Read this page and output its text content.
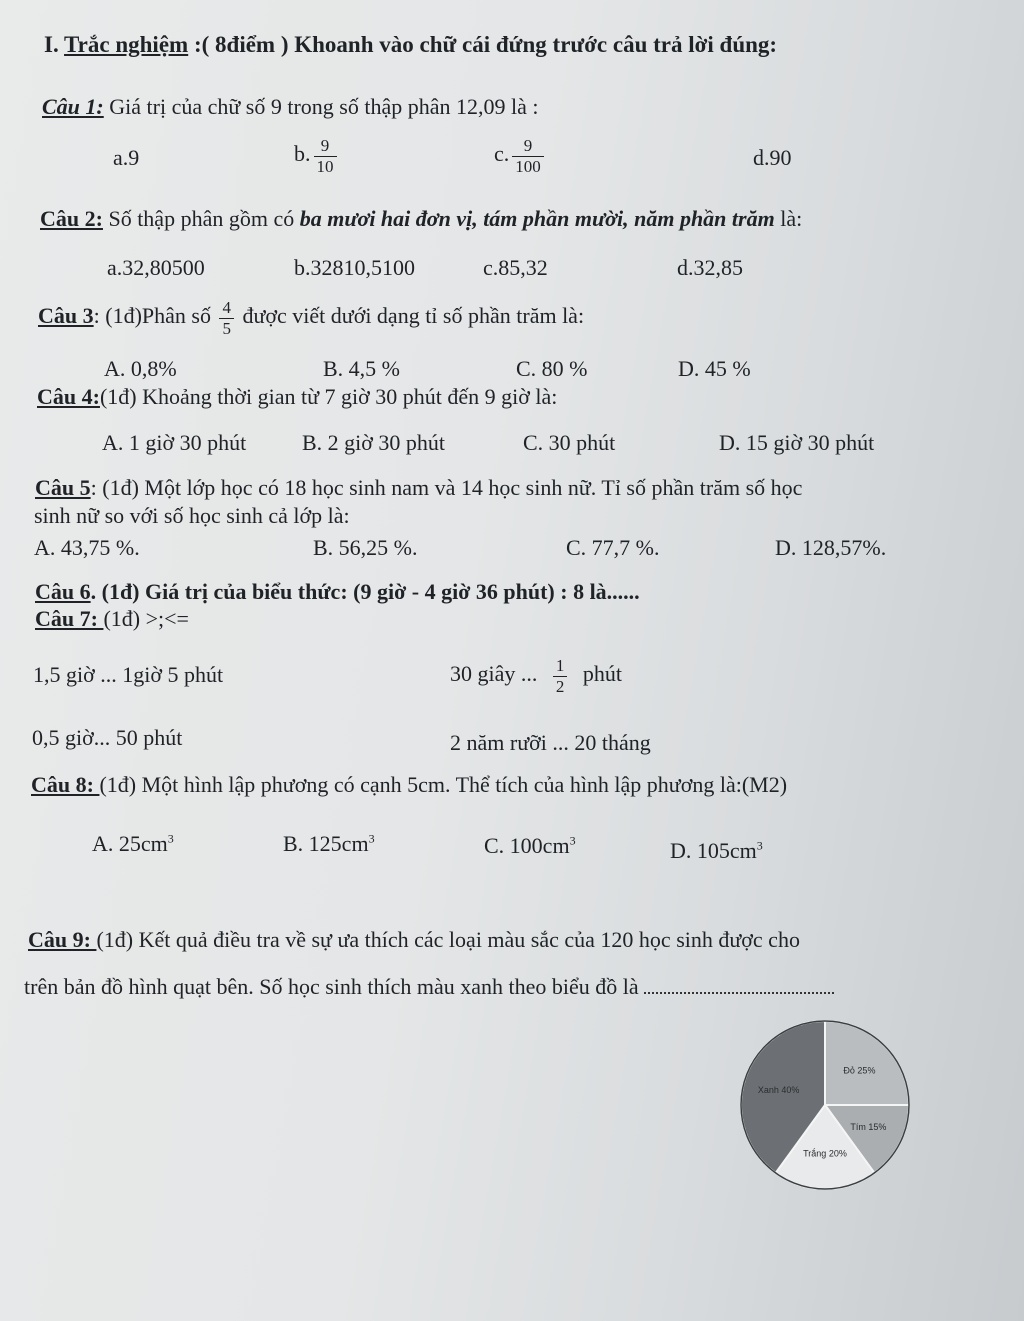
I. Trắc nghiệm :( 8điểm ) Khoanh vào chữ cái đứng trước câu trả lời đúng:
Câu 1: Giá trị của chữ số 9 trong số thập phân 12,09 là :
a.9	b. $\frac{9}{10}$	c. $\frac{9}{100}$	d.90
Câu 2: Số thập phân gồm có ba mươi hai đơn vị, tám phần mười, năm phần trăm là:
a.32,80500	b.32810,5100	c.85,32	d.32,85
Câu 3: (1đ)Phân số $\frac{4}{5}$ được viết dưới dạng tỉ số phần trăm là:
A. 0,8%	B. 4,5 %	C. 80 %	D. 45 %
Câu 4:(1đ) Khoảng thời gian từ 7 giờ 30 phút đến 9 giờ là:
A. 1 giờ 30 phút	B. 2 giờ 30 phút	C. 30 phút	D. 15 giờ 30 phút
Câu 5: (1đ) Một lớp học có 18 học sinh nam và 14 học sinh nữ. Tỉ số phần trăm số học
sinh nữ so với số học sinh cả lớp là:
A. 43,75 %.	B. 56,25 %.	C. 77,7 %.	D. 128,57%.
Câu 6. (1đ) Giá trị của biểu thức: (9 giờ - 4 giờ 36 phút) : 8 là......
Câu 7: (1đ) >;<=
1,5 giờ ... 1giờ 5 phút	30 giây ... $\frac{1}{2}$ phút
0,5 giờ... 50 phút	2 năm rưỡi ... 20 tháng
Câu 8: (1đ) Một hình lập phương có cạnh 5cm. Thể tích của hình lập phương là:(M2)
A. $25cm^3$	B. $125cm^3$	C. $100cm^3$	D. $105cm^3$
Câu 9: (1đ) Kết quả điều tra về sự ưa thích các loại màu sắc của 120 học sinh được cho
trên bản đồ hình quạt bên. Số học sinh thích màu xanh theo biểu đồ là
Đỏ 25%
Tím 15%
Trắng 20%
Xanh 40%
